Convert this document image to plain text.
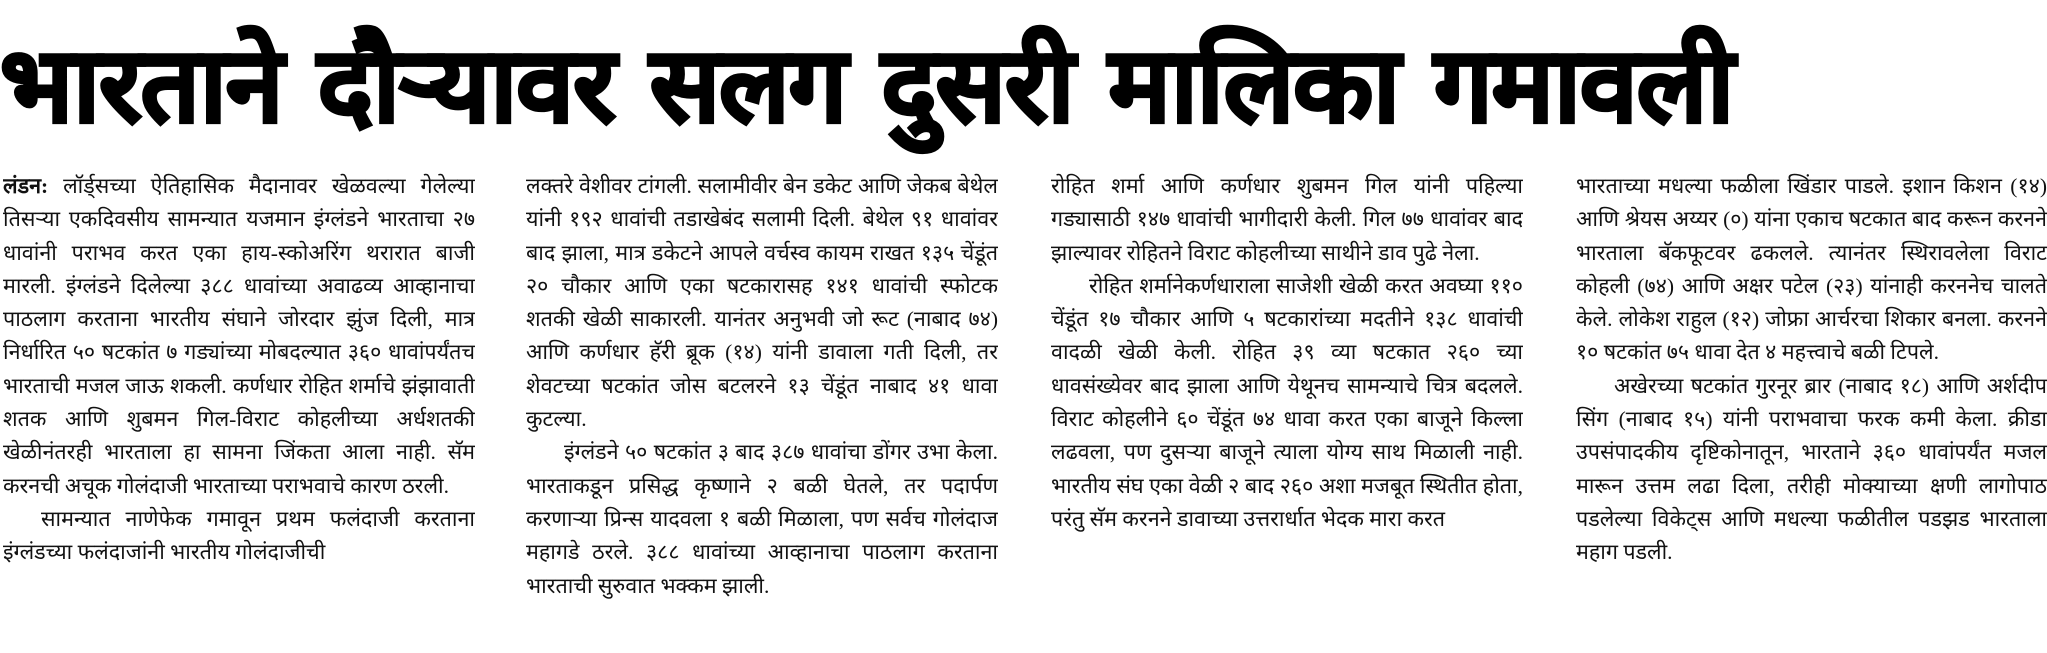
भारताने दौऱ्यावर सलग दुसरी मालिका गमावली

लंडन: लॉर्ड्सच्या ऐतिहासिक मैदानावर खेळवल्या गेलेल्या तिसऱ्या एकदिवसीय सामन्यात यजमान इंग्लंडने भारताचा २७ धावांनी पराभव करत एका हाय-स्कोअरिंग थरारात बाजी मारली. इंग्लंडने दिलेल्या ३८८ धावांच्या अवाढव्य आव्हानाचा पाठलाग करताना भारतीय संघाने जोरदार झुंज दिली, मात्र निर्धारित ५० षटकांत ७ गड्यांच्या मोबदल्यात ३६० धावांपर्यंतच भारताची मजल जाऊ शकली. कर्णधार रोहित शर्माचे झंझावाती शतक आणि शुबमन गिल-विराट कोहलीच्या अर्धशतकी खेळीनंतरही भारताला हा सामना जिंकता आला नाही. सॅम करनची अचूक गोलंदाजी भारताच्या पराभवाचे कारण ठरली.

सामन्यात नाणेफेक गमावून प्रथम फलंदाजी करताना इंग्लंडच्या फलंदाजांनी भारतीय गोलंदाजीची

लक्तरे वेशीवर टांगली. सलामीवीर बेन डकेट आणि जेकब बेथेल यांनी १९२ धावांची तडाखेबंद सलामी दिली. बेथेल ९१ धावांवर बाद झाला, मात्र डकेटने आपले वर्चस्व कायम राखत १३५ चेंडूंत २० चौकार आणि एका षटकारासह १४१ धावांची स्फोटक शतकी खेळी साकारली. यानंतर अनुभवी जो रूट (नाबाद ७४) आणि कर्णधार हॅरी ब्रूक (१४) यांनी डावाला गती दिली, तर शेवटच्या षटकांत जोस बटलरने १३ चेंडूंत नाबाद ४१ धावा कुटल्या.

इंग्लंडने ५० षटकांत ३ बाद ३८७ धावांचा डोंगर उभा केला. भारताकडून प्रसिद्ध कृष्णाने २ बळी घेतले, तर पदार्पण करणाऱ्या प्रिन्स यादवला १ बळी मिळाला, पण सर्वच गोलंदाज महागडे ठरले. ३८८ धावांच्या आव्हानाचा पाठलाग करताना भारताची सुरुवात भक्कम झाली.

रोहित शर्मा आणि कर्णधार शुबमन गिल यांनी पहिल्या गड्यासाठी १४७ धावांची भागीदारी केली. गिल ७७ धावांवर बाद झाल्यावर रोहितने विराट कोहलीच्या साथीने डाव पुढे नेला.

रोहित शर्मानेकर्णधाराला साजेशी खेळी करत अवघ्या ११० चेंडूंत १७ चौकार आणि ५ षटकारांच्या मदतीने १३८ धावांची वादळी खेळी केली. रोहित ३९ व्या षटकात २६० च्या धावसंख्येवर बाद झाला आणि येथूनच सामन्याचे चित्र बदलले. विराट कोहलीने ६० चेंडूंत ७४ धावा करत एका बाजूने किल्ला लढवला, पण दुसऱ्या बाजूने त्याला योग्य साथ मिळाली नाही. भारतीय संघ एका वेळी २ बाद २६० अशा मजबूत स्थितीत होता, परंतु सॅम करनने डावाच्या उत्तरार्धात भेदक मारा करत

भारताच्या मधल्या फळीला खिंडार पाडले. इशान किशन (१४) आणि श्रेयस अय्यर (०) यांना एकाच षटकात बाद करून करनने भारताला बॅकफूटवर ढकलले. त्यानंतर स्थिरावलेला विराट कोहली (७४) आणि अक्षर पटेल (२३) यांनाही करननेच चालते केले. लोकेश राहुल (१२) जोफ्रा आर्चरचा शिकार बनला. करनने १० षटकांत ७५ धावा देत ४ महत्त्वाचे बळी टिपले.

अखेरच्या षटकांत गुरनूर ब्रार (नाबाद १८) आणि अर्शदीप सिंग (नाबाद १५) यांनी पराभवाचा फरक कमी केला. क्रीडा उपसंपादकीय दृष्टिकोनातून, भारताने ३६० धावांपर्यंत मजल मारून उत्तम लढा दिला, तरीही मोक्याच्या क्षणी लागोपाठ पडलेल्या विकेट्स आणि मधल्या फळीतील पडझड भारताला महाग पडली.
